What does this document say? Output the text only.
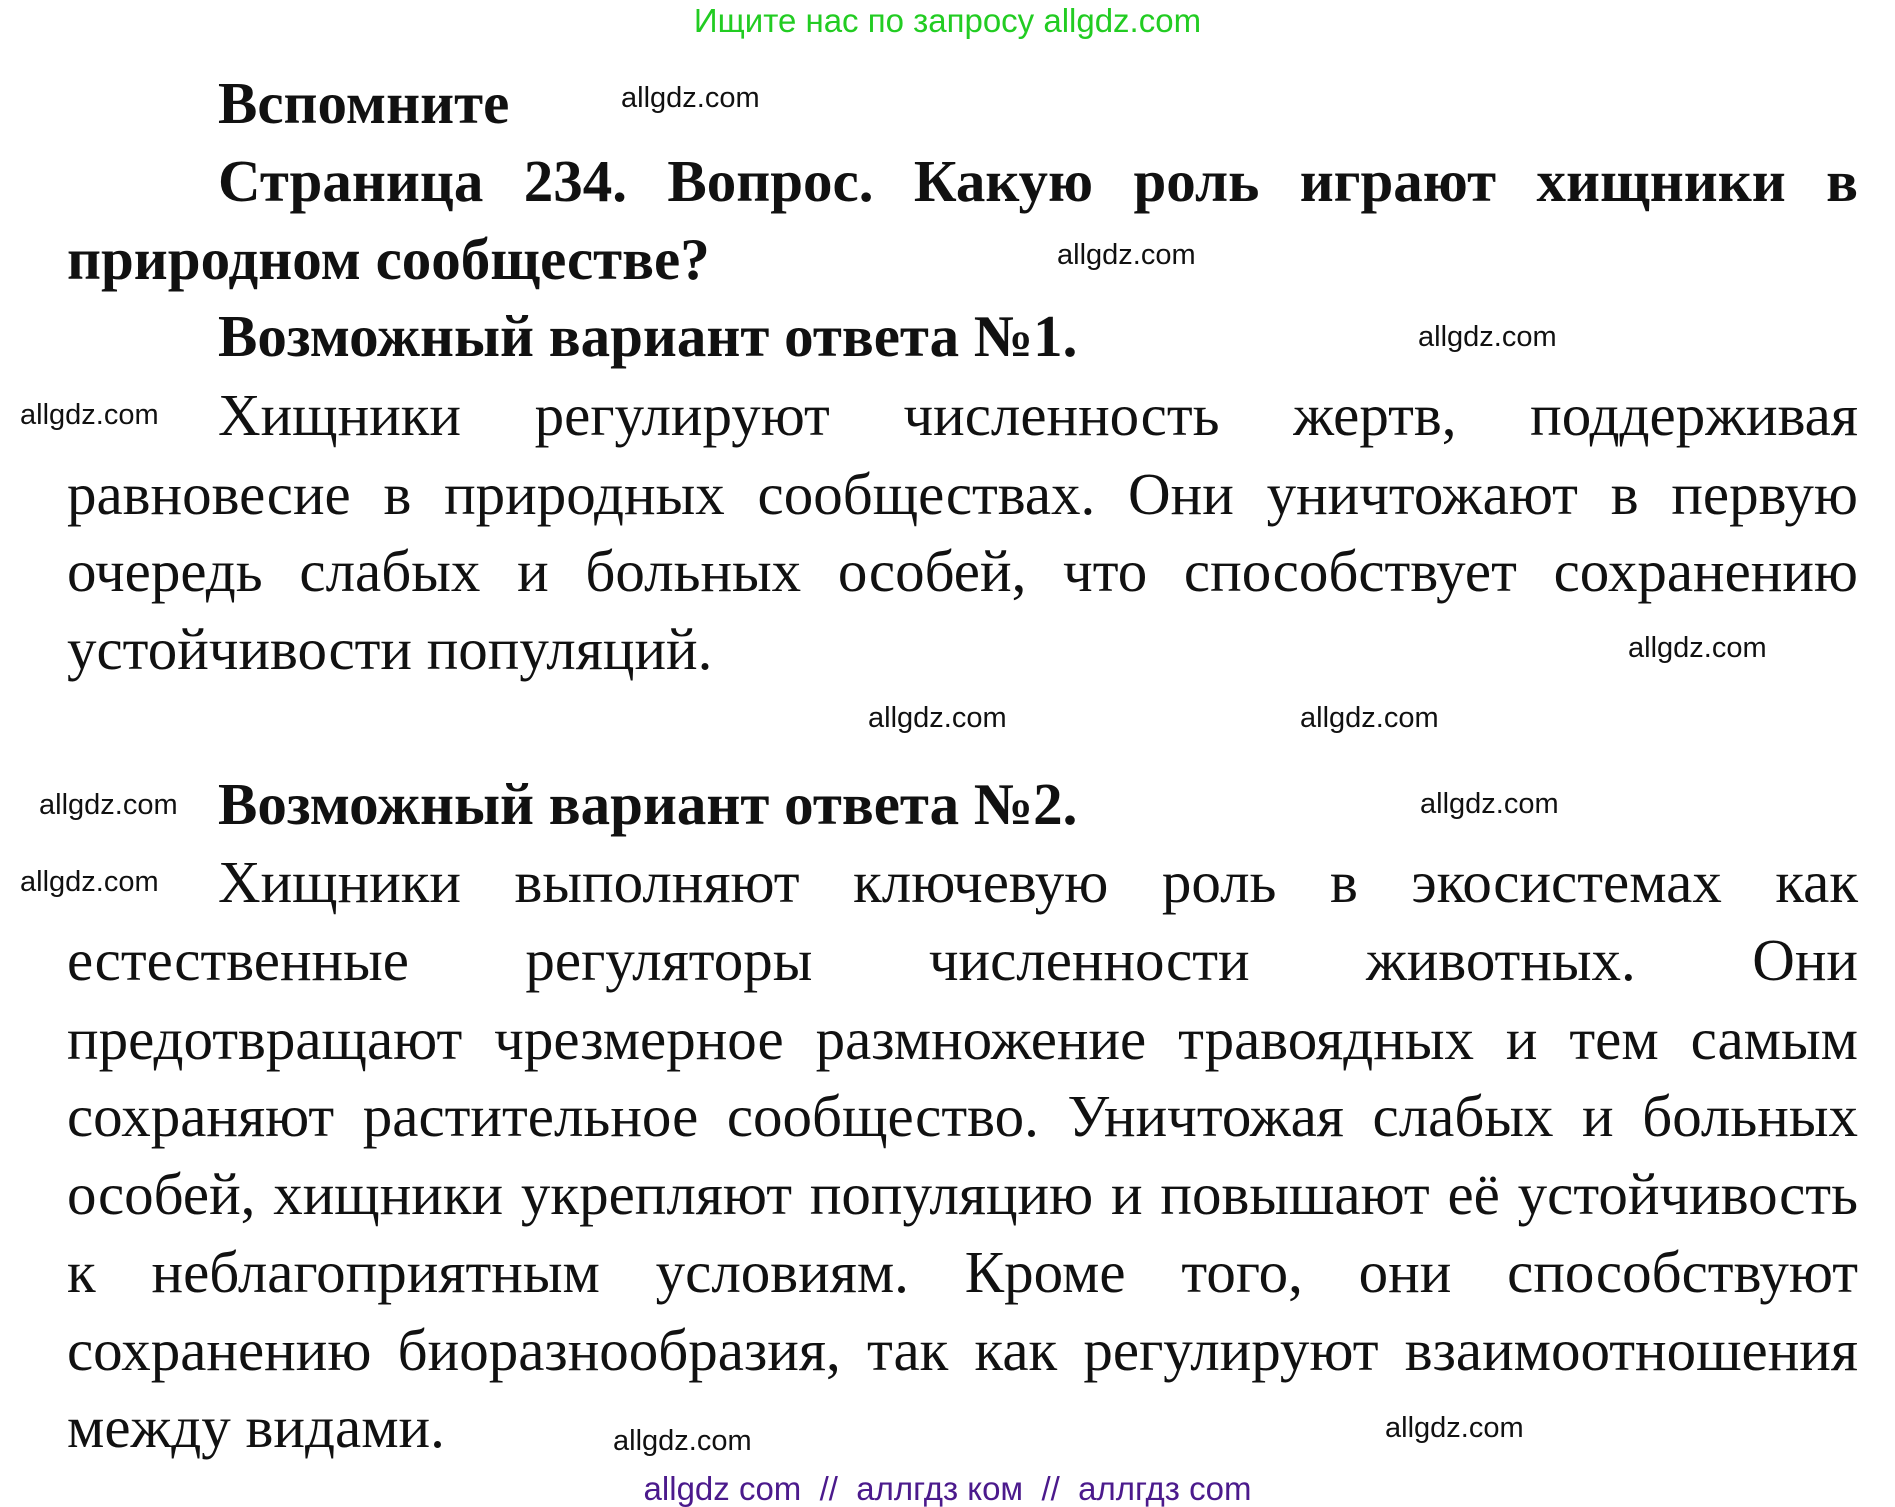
Ищите нас по запросу allgdz.com
Вспомните
Страница 234. Вопрос. Какую роль играют хищники в
природном сообществе?
Возможный вариант ответа №1.
Хищники регулируют численность жертв, поддерживая
равновесие в природных сообществах. Они уничтожают в первую
очередь слабых и больных особей, что способствует сохранению
устойчивости популяций.
Возможный вариант ответа №2.
Хищники выполняют ключевую роль в экосистемах как
естественные регуляторы численности животных. Они
предотвращают чрезмерное размножение травоядных и тем самым
сохраняют растительное сообщество. Уничтожая слабых и больных
особей, хищники укрепляют популяцию и повышают её устойчивость
к неблагоприятным условиям. Кроме того, они способствуют
сохранению биоразнообразия, так как регулируют взаимоотношения
между видами.
allgdz.com
allgdz.com
allgdz.com
allgdz.com
allgdz.com
allgdz.com
allgdz.com
allgdz.com
allgdz.com
allgdz.com
allgdz.com
allgdz.com
allgdz com  //  аллгдз ком  //  аллгдз com
